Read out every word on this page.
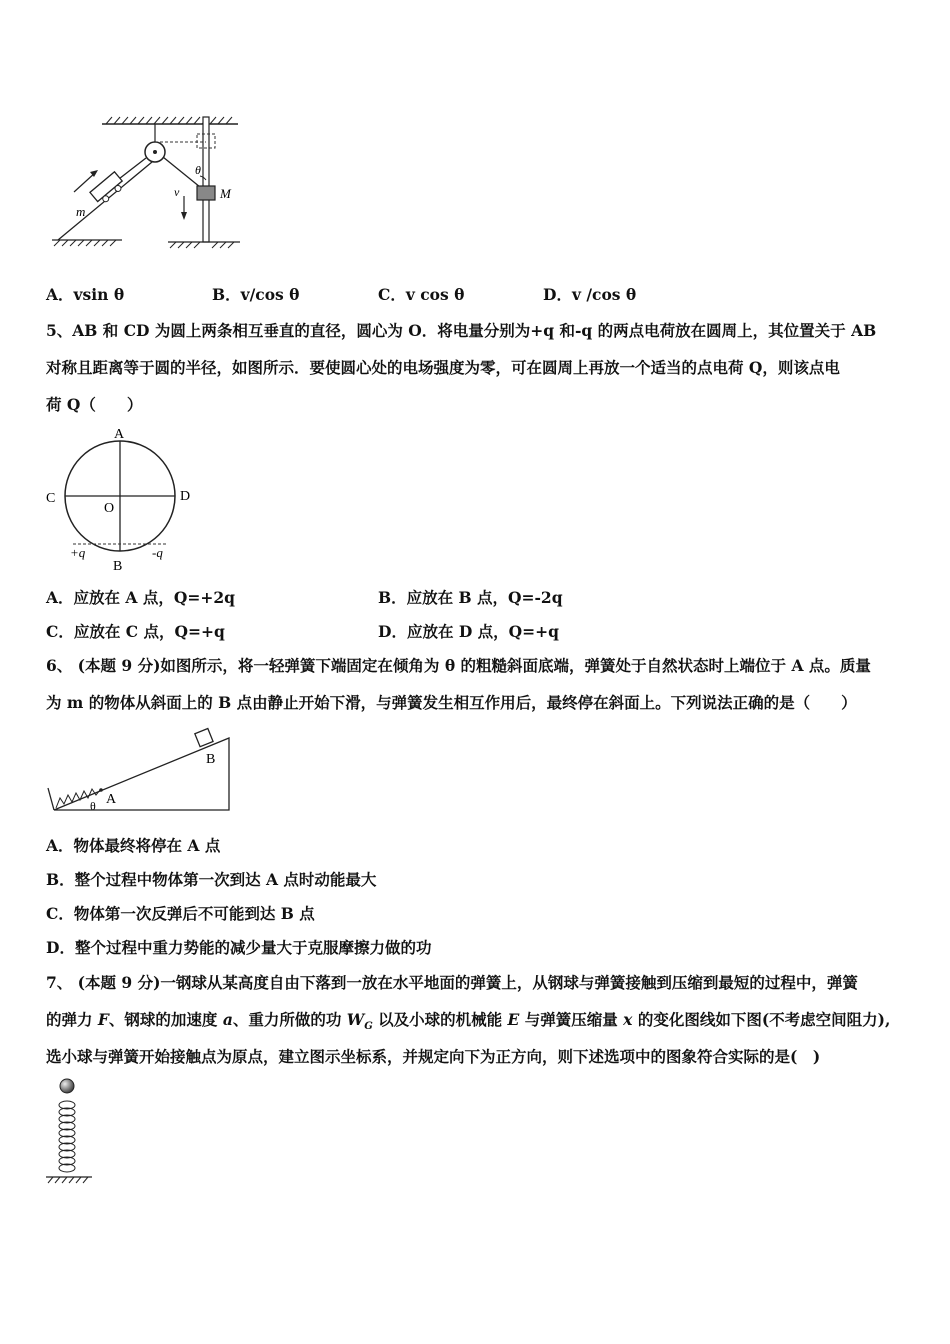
m
M
θ
v
A．vsin θ	B．v/cos θ	C．v cos θ	D．v /cos θ
5、AB 和 CD 为圆上两条相互垂直的直径，圆心为 O．将电量分别为+q 和-q 的两点电荷放在圆周上，其位置关于 AB
对称且距离等于圆的半径，如图所示．要使圆心处的电场强度为零，可在圆周上再放一个适当的点电荷 Q，则该点电
荷 Q（　　）
A
B
C	D
O
+q	-q
A．应放在 A 点，Q=+2q	B．应放在 B 点，Q=-2q
C．应放在 C 点，Q=+q	D．应放在 D 点，Q=+q
6、 (本题 9 分)如图所示，将一轻弹簧下端固定在倾角为 θ 的粗糙斜面底端，弹簧处于自然状态时上端位于 A 点。质量
为 m 的物体从斜面上的 B 点由静止开始下滑，与弹簧发生相互作用后，最终停在斜面上。下列说法正确的是（　　）
A
B
θ
A．物体最终将停在 A 点
B．整个过程中物体第一次到达 A 点时动能最大
C．物体第一次反弹后不可能到达 B 点
D．整个过程中重力势能的减少量大于克服摩擦力做的功
7、 (本题 9 分)一钢球从某高度自由下落到一放在水平地面的弹簧上，从钢球与弹簧接触到压缩到最短的过程中，弹簧
的弹力 F、钢球的加速度 a、重力所做的功 $W_G$ 以及小球的机械能 E 与弹簧压缩量 x 的变化图线如下图(不考虑空间阻力),
选小球与弹簧开始接触点为原点，建立图示坐标系，并规定向下为正方向，则下述选项中的图象符合实际的是(　)
